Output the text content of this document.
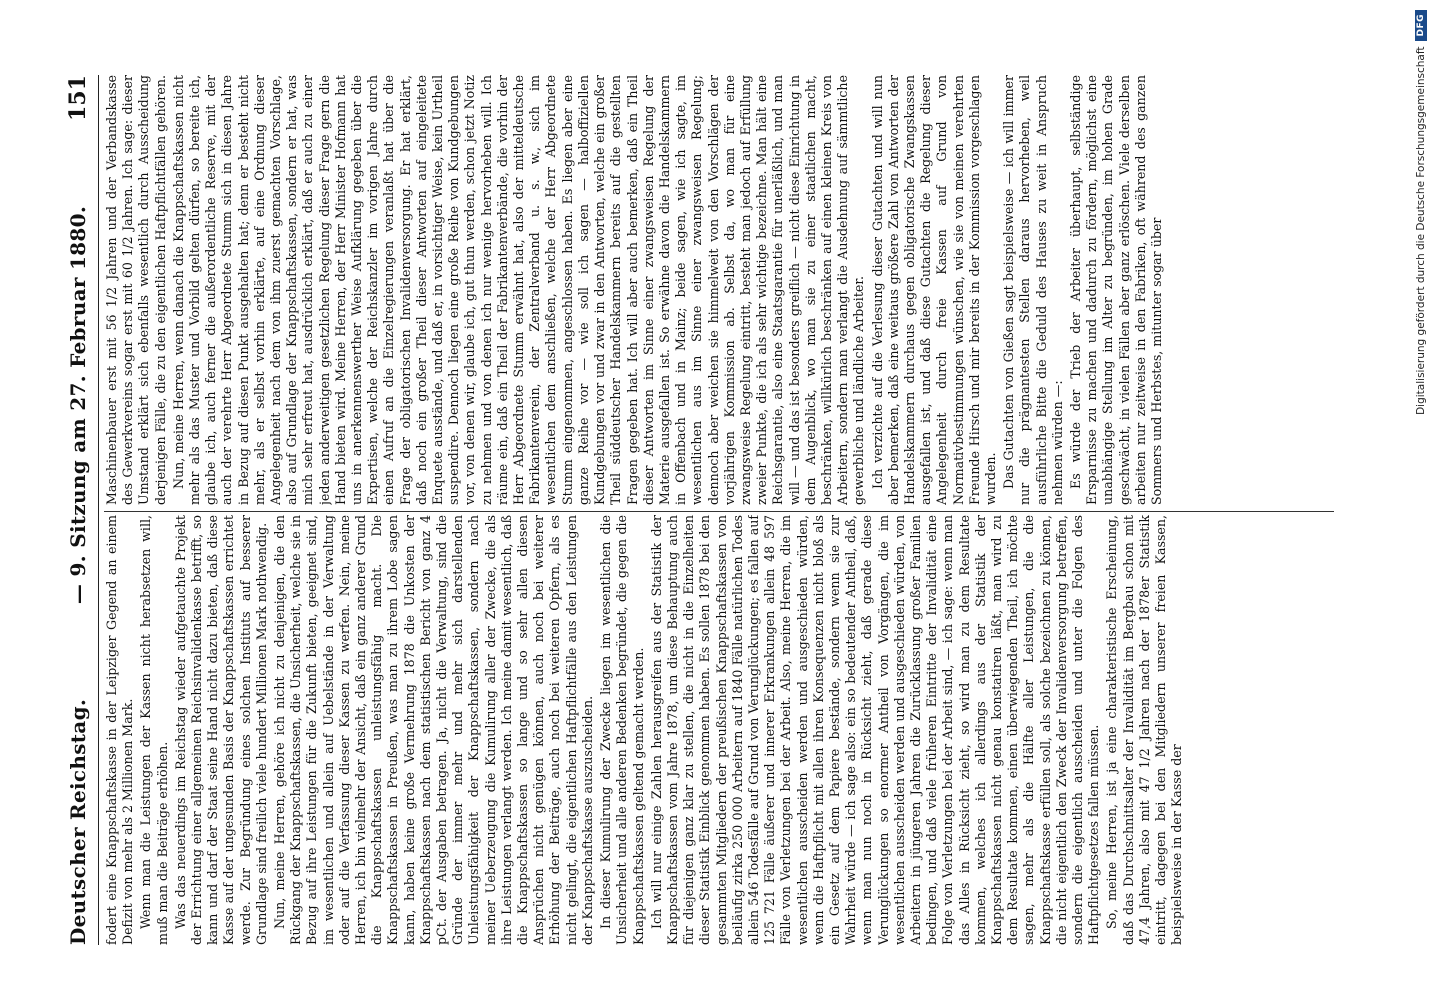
Deutscher Reichstag.
— 9. Sitzung am 27. Februar 1880.
151

fodert eine Knappschaftskasse in der Leipziger Gegend an einem Defizit von mehr als 2 Millionen Mark. Wenn man die Leistungen der Kassen nicht herabsetzen will, muß man die Beiträge erhöhen. Was das neuerdings im Reichstag wieder aufgetauchte Projekt der Errichtung einer allgemeinen Reichsinvalidenkasse betrifft, so kann und darf der Staat seine Hand nicht dazu bieten, daß diese Kasse auf der ungesunden Basis der Knappschaftskassen errichtet werde. Zur Begründung eines solchen Instituts auf besserer Grundlage sind freilich viele hundert Millionen Mark nothwendig. Nun, meine Herren, gehöre ich nicht zu denjenigen, die den Rückgang der Knappschaftskassen, die Unsicherheit, welche sie in Bezug auf ihre Leistungen für die Zukunft bieten, geeignet sind, im wesentlichen und allein auf Uebelstände in der Verwaltung oder auf die Verfassung dieser Kassen zu werfen. Nein, meine Herren, ich bin vielmehr der Ansicht, daß ein ganz anderer Grund die Knappschaftskassen unleistungsfähig macht. Die Knappschaftskassen in Preußen, was man zu ihrem Lobe sagen kann, haben keine große Vermehrung 1878 die Unkosten der Knappschaftskassen nach dem statistischen Bericht von ganz 4 pCt. der Ausgaben betragen. Ja, nicht die Verwaltung, sind die Gründe der immer mehr und mehr sich darstellenden Unleistungsfähigkeit der Knappschaftskassen, sondern nach meiner Ueberzeugung die Kumulirung aller der Zwecke, die als ihre Leistungen verlangt werden. Ich meine damit wesentlich, daß die Knappschaftskassen so lange und so sehr allen diesen Ansprüchen nicht genügen können, auch noch bei weiterer Erhöhung der Beiträge, auch noch bei weiteren Opfern, als es nicht gelingt, die eigentlichen Haftpflichtfälle aus den Leistungen der Knappschaftskasse auszuscheiden. In dieser Kumulirung der Zwecke liegen im wesentlichen die Unsicherheit und alle anderen Bedenken begründet, die gegen die Knappschaftskassen geltend gemacht werden. Ich will nur einige Zahlen herausgreifen aus der Statistik der Knappschaftskassen vom Jahre 1878, um diese Behauptung auch für diejenigen ganz klar zu stellen, die nicht in die Einzelheiten dieser Statistik Einblick genommen haben. Es sollen 1878 bei den gesammten Mitgliedern der preußischen Knappschaftskassen von beiläufig zirka 250 000 Arbeitern auf 1840 Fälle natürlichen Todes allein 546 Todesfälle auf Grund von Verunglückungen; es fallen auf 125 721 Fälle äußerer und innerer Erkrankungen allein 48 597 Fälle von Verletzungen bei der Arbeit. Also, meine Herren, die im wesentlichen ausscheiden werden und ausgeschieden würden, wenn die Haftpflicht mit allen ihren Konsequenzen nicht bloß als ein Gesetz auf dem Papiere bestände, sondern wenn sie zur Wahrheit würde — ich sage also: ein so bedeutender Antheil, daß, wenn man nun noch in Rücksicht zieht, daß gerade diese Verunglückungen so enormer Antheil von Vorgängen, die im wesentlichen ausscheiden werden und ausgeschieden würden, von Arbeitern in jüngeren Jahren die Zurücklassung großer Familien bedingen, und daß viele früheren Eintritte der Invalidität eine Folge von Verletzungen bei der Arbeit sind, — ich sage: wenn man das Alles in Rücksicht zieht, so wird man zu dem Resultate kommen, welches ich allerdings aus der Statistik der Knappschaftskassen nicht genau konstatiren läßt, man wird zu dem Resultate kommen, einen überwiegenden Theil, ich möchte sagen, mehr als die Hälfte aller Leistungen, die die Knappschaftskasse erfüllen soll, als solche bezeichnen zu können, die nicht eigentlich den Zweck der Invalidenversorgung betreffen, sondern die eigentlich ausscheiden und unter die Folgen des Haftpflichtgesetzes fallen müssen. So, meine Herren, ist ja eine charakteristische Erscheinung, daß das Durchschnittsalter der Invalidität im Bergbau schon mit 47,4 Jahren, also mit 47 1/2 Jahren nach der 1878er Statistik eintritt, dagegen bei den Mitgliedern unserer freien Kassen, beispielsweise in der Kasse der

Maschinenbauer erst mit 56 1/2 Jahren und der Verbandskasse des Gewerkvereins sogar erst mit 60 1/2 Jahren. Ich sage: dieser Umstand erklärt sich ebenfalls wesentlich durch Ausscheidung derjenigen Fälle, die zu den eigentlichen Haftpflichtfällen gehören. Nun, meine Herren, wenn danach die Knappschaftskassen nicht mehr als das Muster und Vorbild gelten dürfen, so bereite ich, glaube ich, auch ferner die außerordentliche Reserve, mit der auch der verehrte Herr Abgeordnete Stumm sich in diesen Jahre in Bezug auf diesen Punkt ausgehalten hat; denn er besteht nicht mehr, als er selbst vorhin erklärte, auf eine Ordnung dieser Angelegenheit nach dem von ihm zuerst gemachten Vorschlage, also auf Grundlage der Knappschaftskassen, sondern er hat, was mich sehr erfreut hat, ausdrücklich erklärt, daß er auch zu einer jeden anderweitigen gesetzlichen Regelung dieser Frage gern die Hand bieten wird. Meine Herren, der Herr Minister Hofmann hat uns in anerkennenswerther Weise Aufklärung gegeben über die Expertisen, welche der Reichskanzler im vorigen Jahre durch einen Aufruf an die Einzelregierungen veranlaßt hat über die Frage der obligatorischen Invalidenversorgung. Er hat erklärt, daß noch ein großer Theil dieser Antworten auf eingeleitete Enquete ausstände, und daß er, in vorsichtiger Weise, kein Urtheil suspendire. Dennoch liegen eine große Reihe von Kundgebungen vor, von denen wir, glaube ich, gut thun werden, schon jetzt Notiz zu nehmen und von denen ich nur wenige hervorheben will. Ich räume ein, daß ein Theil der Fabrikantenverbände, die vorhin der Herr Abgeordnete Stumm erwähnt hat, also der mitteldeutsche Fabrikantenverein, der Zentralverband u. s. w., sich im wesentlichen dem anschließen, welche der Herr Abgeordnete Stumm eingenommen, angeschlossen haben. Es liegen aber eine ganze Reihe vor — wie soll ich sagen — halboffiziellen Kundgebungen vor und zwar in den Antworten, welche ein großer Theil süddeutscher Handelskammern bereits auf die gestellten Fragen gegeben hat. Ich will aber auch bemerken, daß ein Theil dieser Antworten im Sinne einer zwangsweisen Regelung der Materie ausgefallen ist. So erwähne davon die Handelskammern in Offenbach und in Mainz; beide sagen, wie ich sagte, im wesentlichen aus im Sinne einer zwangsweisen Regelung; dennoch aber weichen sie himmelweit von den Vorschlägen der vorjährigen Kommission ab. Selbst da, wo man für eine zwangsweise Regelung eintritt, besteht man jedoch auf Erfüllung zweier Punkte, die ich als sehr wichtige bezeichne. Man hält eine Reichsgarantie, also eine Staatsgarantie für unerläßlich, und man will — und das ist besonders greiflich — nicht diese Einrichtung in dem Augenblick, wo man sie zu einer staatlichen macht, beschränken, willkürlich beschränken auf einen kleinen Kreis von Arbeitern, sondern man verlangt die Ausdehnung auf sämmtliche gewerbliche und ländliche Arbeiter. Ich verzichte auf die Verlesung dieser Gutachten und will nun aber bemerken, daß eine weitaus größere Zahl von Antworten der Handelskammern durchaus gegen obligatorische Zwangskassen ausgefallen ist, und daß diese Gutachten die Regelung dieser Angelegenheit durch freie Kassen auf Grund von Normativbestimmungen wünschen, wie sie von meinen verehrten Freunde Hirsch und mir bereits in der Kommission vorgeschlagen wurden. Das Gutachten von Gießen sagt beispielsweise — ich will immer nur die prägnantesten Stellen daraus hervorheben, weil ausführliche Bitte die Geduld des Hauses zu weit in Anspruch nehmen würden —: Es würde der Trieb der Arbeiter überhaupt, selbständige Ersparnisse zu machen und dadurch zu fördern, möglichst eine unabhängige Stellung im Alter zu begründen, im hohen Grade geschwächt, in vielen Fällen aber ganz erlöschen. Viele derselben arbeiten nur zeitweise in den Fabriken, oft während des ganzen Sommers und Herbstes, mitunter sogar über	Digitalisierung gefördert durch die Deutsche Forschungsgemeinschaft
DFG
